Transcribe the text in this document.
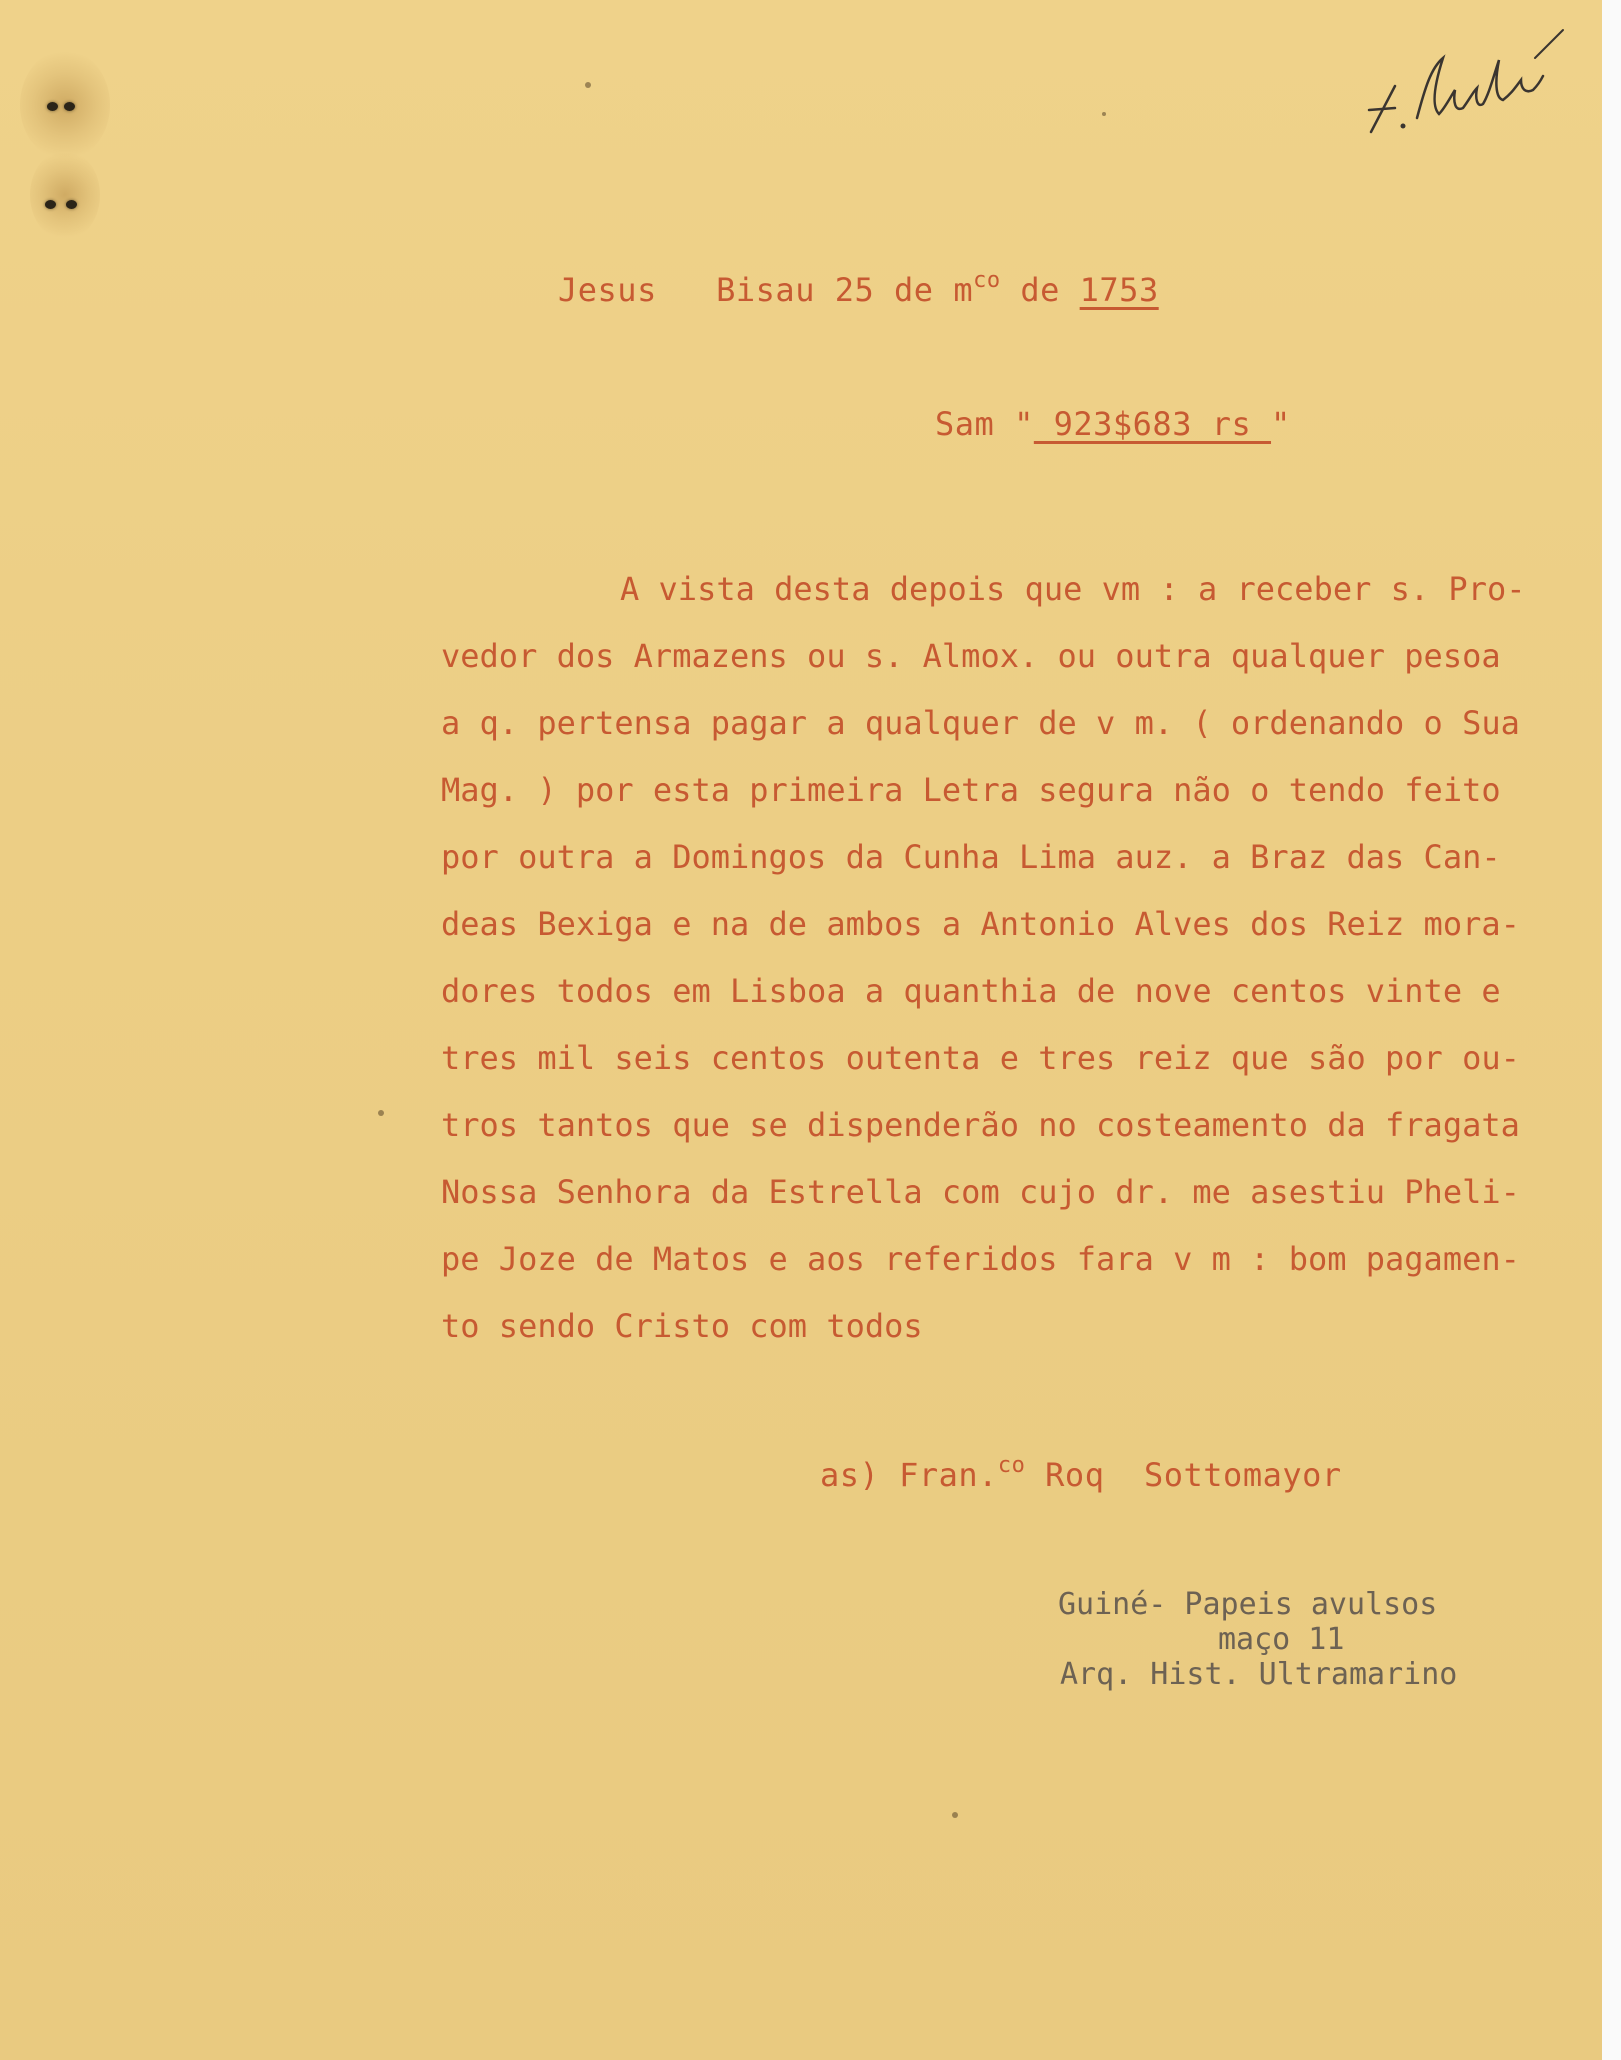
Jesus Bisau 25 de $m^{co}$ de 1753
Sam " 923$683 rs "
A vista desta depois que vm : a receber s. Pro-
vedor dos Armazens ou s. Almox. ou outra qualquer pesoa
a q. pertensa pagar a qualquer de v m. ( ordenando o Sua
Mag. ) por esta primeira Letra segura não o tendo feito
por outra a Domingos da Cunha Lima auz. a Braz das Can-
deas Bexiga e na de ambos a Antonio Alves dos Reiz mora-
dores todos em Lisboa a quanthia de nove centos vinte e
tres mil seis centos outenta e tres reiz que são por ou-
tros tantos que se dispenderão no costeamento da fragata
Nossa Senhora da Estrella com cujo dr. me asestiu Pheli-
pe Joze de Matos e aos referidos fara v m : bom pagamen-
to sendo Cristo com todos
as) Fran.$^{co}$ Roq  Sottomayor
Guiné- Papeis avulsos
maço 11
Arq. Hist. Ultramarino
